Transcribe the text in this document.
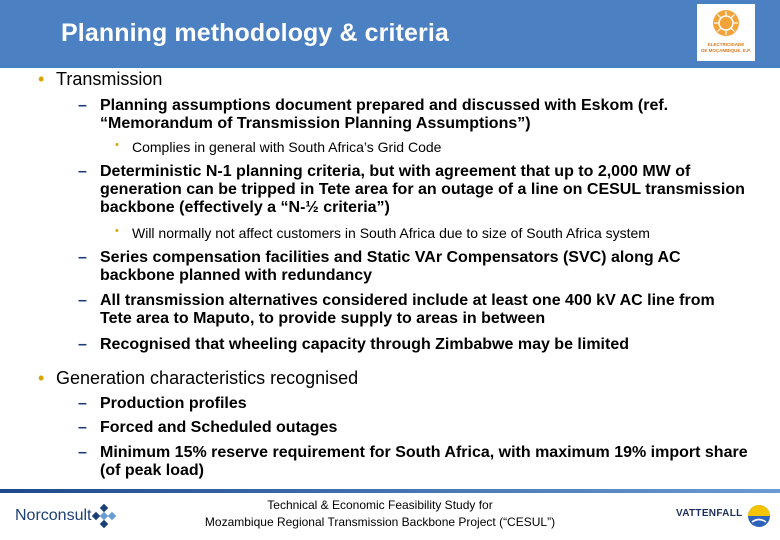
Planning methodology & criteria	ELECTRICIDADE
DE MOÇAMBIQUE, E.P.
• Transmission
– Planning assumptions document prepared and discussed with Eskom (ref. “Memorandum of Transmission Planning Assumptions”)
• Complies in general with South Africa’s Grid Code
– Deterministic N-1 planning criteria, but with agreement that up to 2,000 MW of generation can be tripped in Tete area for an outage of a line on CESUL transmission backbone (effectively a “N-½ criteria”)
• Will normally not affect customers in South Africa due to size of South Africa system
– Series compensation facilities and Static VAr Compensators (SVC) along AC backbone planned with redundancy
– All transmission alternatives considered include at least one 400 kV AC line from Tete area to Maputo, to provide supply to areas in between
– Recognised that wheeling capacity through Zimbabwe may be limited
• Generation characteristics recognised
– Production profiles
– Forced and Scheduled outages
– Minimum 15% reserve requirement for South Africa, with maximum 19% import share (of peak load)
Norconsult
Technical & Economic Feasibility Study for
Mozambique Regional Transmission Backbone Project (“CESUL”)
VATTENFALL
